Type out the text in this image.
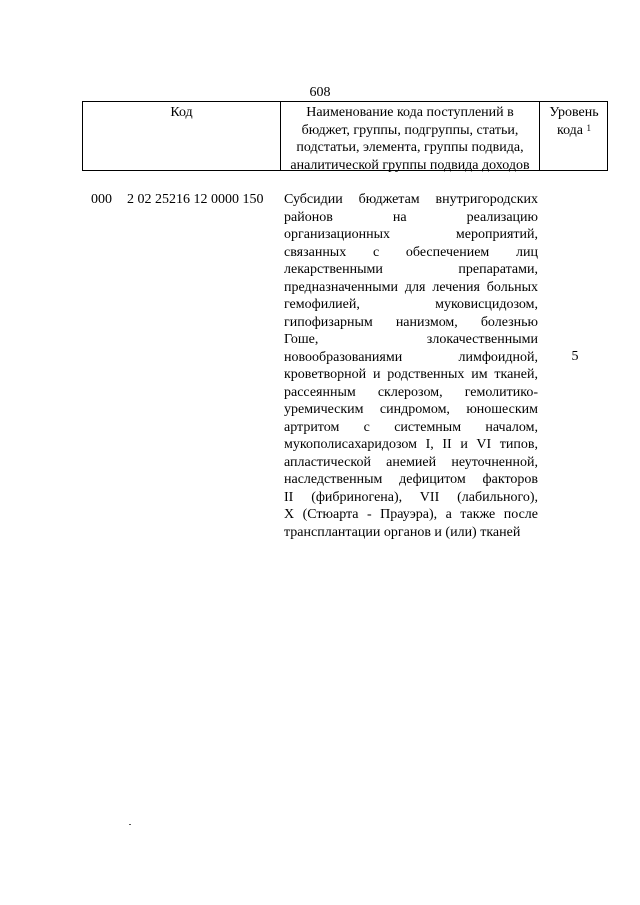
608
Код	Наименование кода поступлений в
бюджет, группы, подгруппы, статьи,
подстатьи, элемента, группы подвида,
аналитической группы подвида доходов
Уровень
кода $^1$
000 2 02 25216 12 0000 150 Субсидии бюджетам внутригородских
районов на реализацию
организационных мероприятий,
связанных с обеспечением лиц
лекарственными препаратами,
предназначенными для лечения больных
гемофилией, муковисцидозом,
гипофизарным нанизмом, болезнью
Гоше, злокачественными
новообразованиями лимфоидной,
кроветворной и родственных им тканей,
рассеянным склерозом, гемолитико-
уремическим синдромом, юношеским
артритом с системным началом,
мукополисахаридозом I, II и VI типов,
апластической анемией неуточненной,
наследственным дефицитом факторов
II (фибриногена), VII (лабильного),
X (Стюарта - Прауэра), а также после
трансплантации органов и (или) тканей
5
